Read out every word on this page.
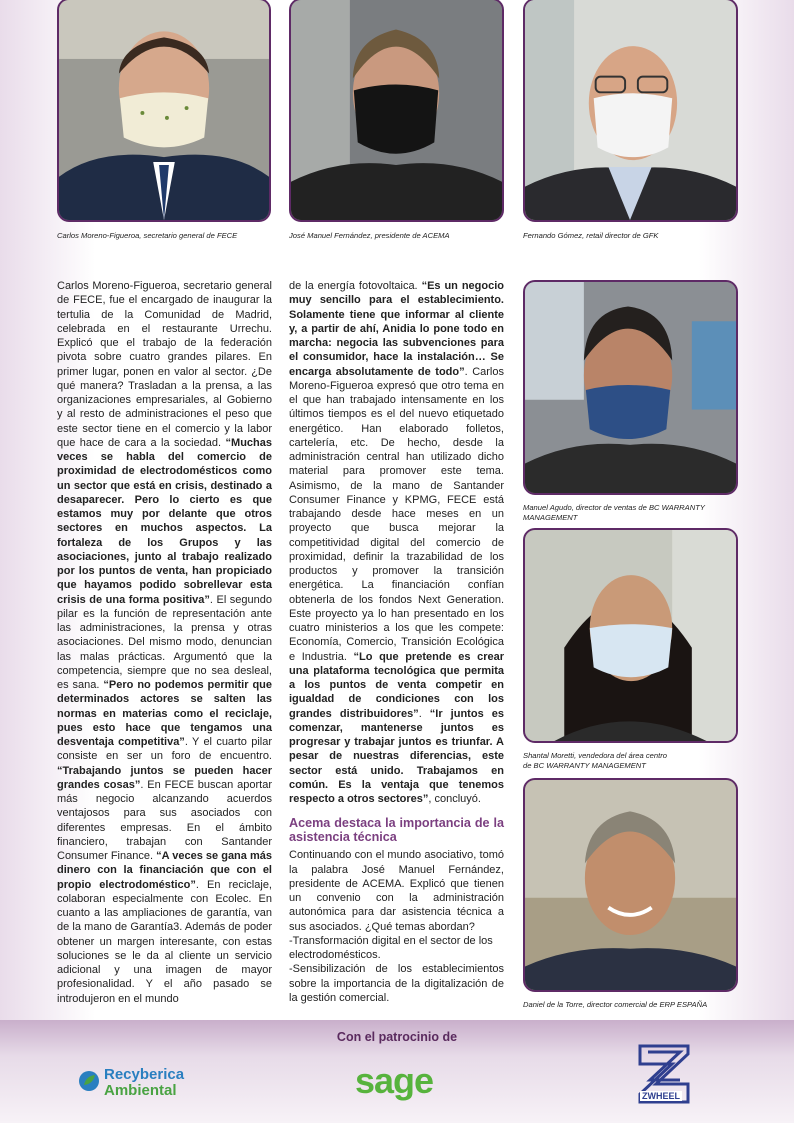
Carlos Moreno-Figueroa, secretario general de FECE	José Manuel Fernández, presidente de ACEMA	Fernando Gómez, retail director de GFK
Manuel Agudo, director de ventas de BC WARRANTY MANAGEMENT
Shantal Moretti, vendedora del área centro
de BC WARRANTY MANAGEMENT
Daniel de la Torre, director comercial de ERP ESPAÑA

Carlos Moreno-Figueroa, secretario general de FECE, fue el encargado de inaugurar la tertulia de la Comunidad de Madrid, celebrada en el restaurante Urrechu. Explicó que el trabajo de la federación pivota sobre cuatro grandes pilares. En primer lugar, ponen en valor al sector. ¿De qué manera? Trasladan a la prensa, a las organizaciones empresariales, al Gobierno y al resto de administraciones el peso que este sector tiene en el comercio y la labor que hace de cara a la sociedad. “Muchas veces se habla del comercio de proximidad de electrodomésticos como un sector que está en crisis, destinado a desaparecer. Pero lo cierto es que estamos muy por delante que otros sectores en muchos aspectos. La fortaleza de los Grupos y las asociaciones, junto al trabajo realizado por los puntos de venta, han propiciado que hayamos podido sobrellevar esta crisis de una forma positiva”. El segundo pilar es la función de representación ante las administraciones, la prensa y otras asociaciones. Del mismo modo, denuncian las malas prácticas. Argumentó que la competencia, siempre que no sea desleal, es sana. “Pero no podemos permitir que determinados actores se salten las normas en materias como el reciclaje, pues esto hace que tengamos una desventaja competitiva”. Y el cuarto pilar consiste en ser un foro de encuentro. “Trabajando juntos se pueden hacer grandes cosas”. En FECE buscan aportar más negocio alcanzando acuerdos ventajosos para sus asociados con diferentes empresas. En el ámbito financiero, trabajan con Santander Consumer Finance. “A veces se gana más dinero con la financiación que con el propio electrodoméstico”. En reciclaje, colaboran especialmente con Ecolec. En cuanto a las ampliaciones de garantía, van de la mano de Garantía3. Además de poder obtener un margen interesante, con estas soluciones se le da al cliente un servicio adicional y una imagen de mayor profesionalidad. Y el año pasado se introdujeron en el mundo

de la energía fotovoltaica. “Es un negocio muy sencillo para el establecimiento. Solamente tiene que informar al cliente y, a partir de ahí, Anidia lo pone todo en marcha: negocia las subvenciones para el consumidor, hace la instalación… Se encarga absolutamente de todo”. Carlos Moreno-Figueroa expresó que otro tema en el que han trabajado intensamente en los últimos tiempos es el del nuevo etiquetado energético. Han elaborado folletos, cartelería, etc. De hecho, desde la administración central han utilizado dicho material para promover este tema. Asimismo, de la mano de Santander Consumer Finance y KPMG, FECE está trabajando desde hace meses en un proyecto que busca mejorar la competitividad digital del comercio de proximidad, definir la trazabilidad de los productos y promover la transición energética. La financiación confían obtenerla de los fondos Next Generation. Este proyecto ya lo han presentado en los cuatro ministerios a los que les compete: Economía, Comercio, Transición Ecológica e Industria. “Lo que pretende es crear una plataforma tecnológica que permita a los puntos de venta competir en igualdad de condiciones con los grandes distribuidores”. “Ir juntos es comenzar, mantenerse juntos es progresar y trabajar juntos es triunfar. A pesar de nuestras diferencias, este sector está unido. Trabajamos en común. Es la ventaja que tenemos respecto a otros sectores”, concluyó.

Acema destaca la importancia de la asistencia técnica

Continuando con el mundo asociativo, tomó la palabra José Manuel Fernández, presidente de ACEMA. Explicó que tienen un convenio con la administración autonómica para dar asistencia técnica a sus asociados. ¿Qué temas abordan?

-Transformación digital en el sector de los electrodomésticos.

-Sensibilización de los establecimientos sobre la importancia de la digitalización de la gestión comercial.

Con el patrocinio de
Recyberica
Ambiental	sage	ZWHEEL
